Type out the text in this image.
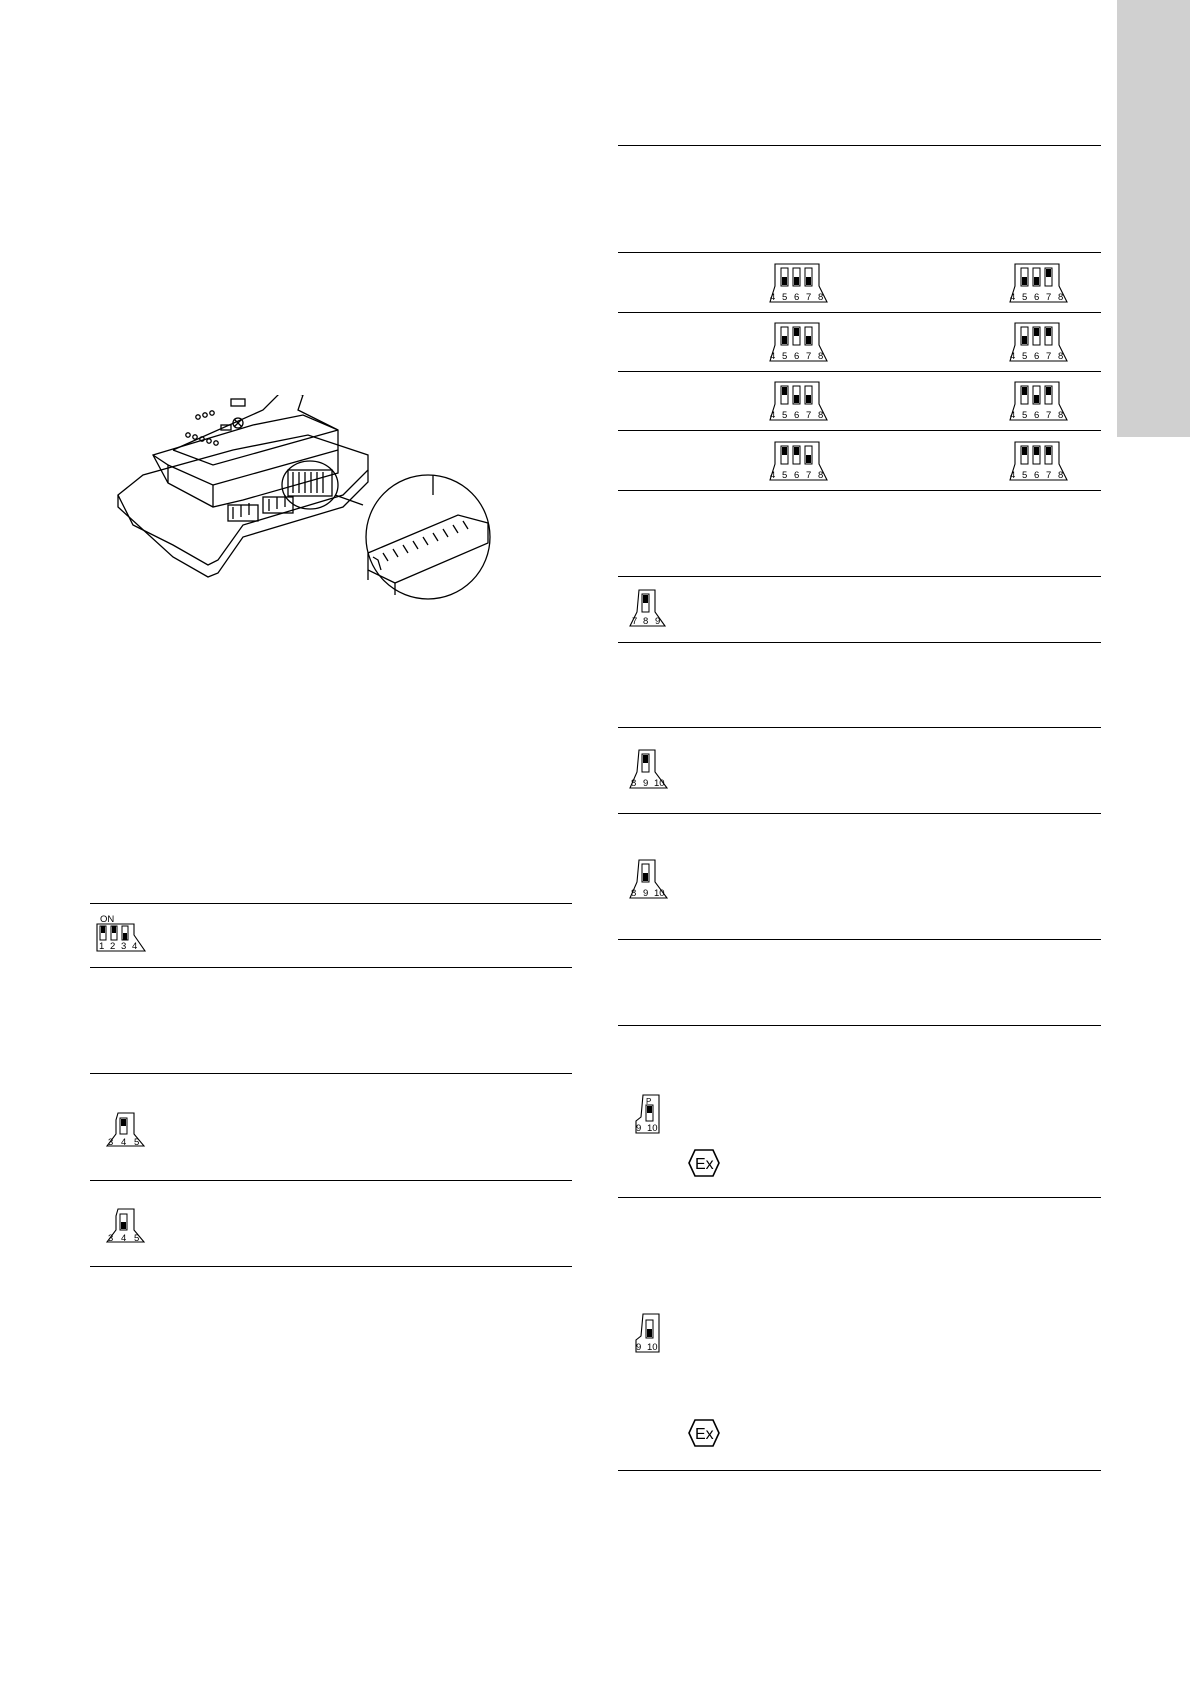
ON
1 2 3 4
3 4 5
3 4 5
4 5 6 7 8	4 5 6 7 8
4 5 6 7 8	4 5 6 7 8
4 5 6 7 8	4 5 6 7 8
4 5 6 7 8	4 5 6 7 8
7 8 9
8 9 10
8 9 10
P
9 10
Ex
9 10
Ex
